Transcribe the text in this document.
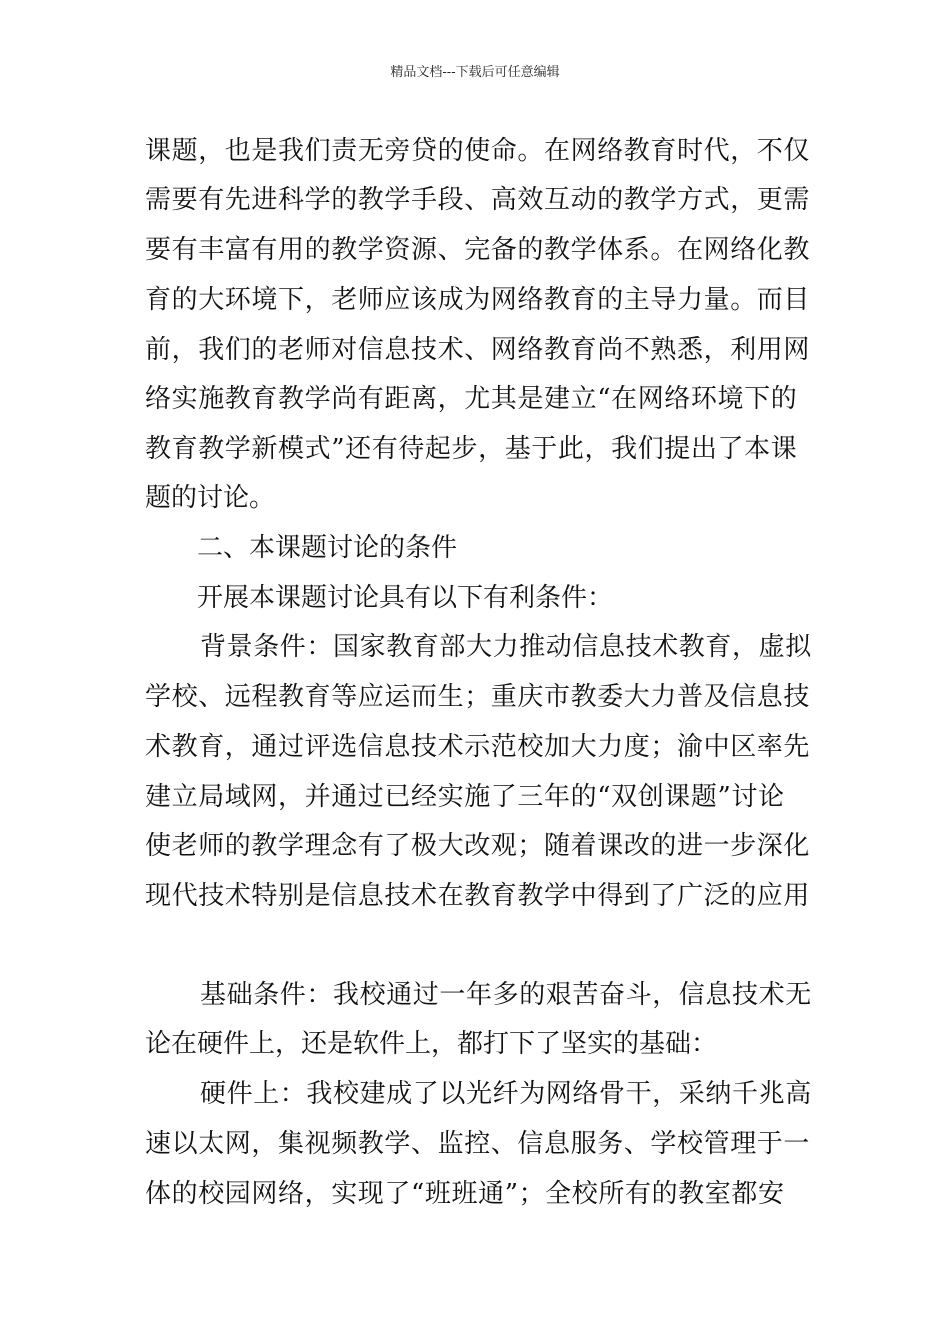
精品文档---下载后可任意编辑
课题，也是我们责无旁贷的使命。在网络教育时代，不仅
需要有先进科学的教学手段、高效互动的教学方式，更需
要有丰富有用的教学资源、完备的教学体系。在网络化教
育的大环境下，老师应该成为网络教育的主导力量。而目
前，我们的老师对信息技术、网络教育尚不熟悉，利用网
络实施教育教学尚有距离，尤其是建立“在网络环境下的
教育教学新模式”还有待起步，基于此，我们提出了本课
题的讨论。
二、本课题讨论的条件
开展本课题讨论具有以下有利条件：
背景条件：国家教育部大力推动信息技术教育，虚拟
学校、远程教育等应运而生；重庆市教委大力普及信息技
术教育，通过评选信息技术示范校加大力度；渝中区率先
建立局域网，并通过已经实施了三年的“双创课题”讨论
使老师的教学理念有了极大改观；随着课改的进一步深化
现代技术特别是信息技术在教育教学中得到了广泛的应用
基础条件：我校通过一年多的艰苦奋斗，信息技术无
论在硬件上，还是软件上，都打下了坚实的基础：
硬件上：我校建成了以光纤为网络骨干，采纳千兆高
速以太网，集视频教学、监控、信息服务、学校管理于一
体的校园网络，实现了“班班通”；全校所有的教室都安
